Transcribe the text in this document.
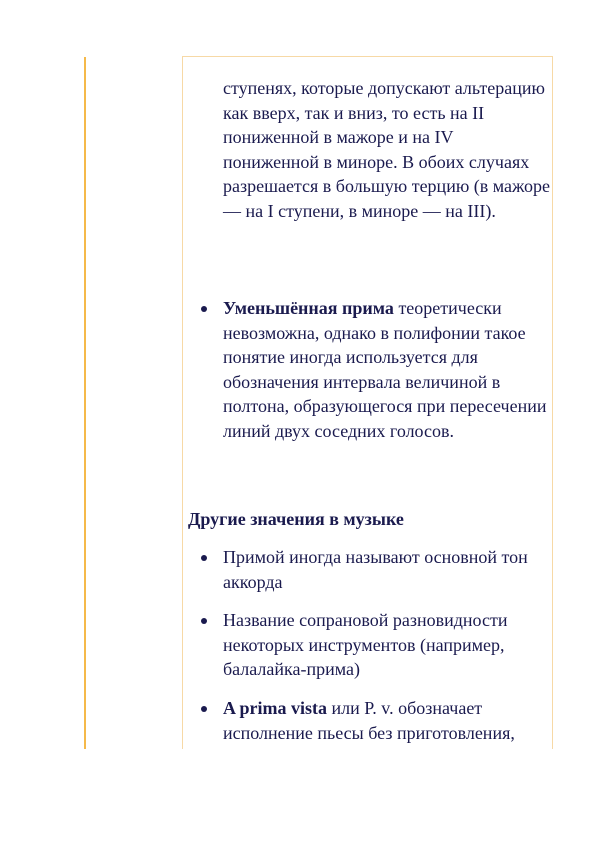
ступенях, которые допускают альтерацию как вверх, так и вниз, то есть на II пониженной в мажоре и на IV пониженной в миноре. В обоих случаях разрешается в большую терцию (в мажоре — на I ступени, в миноре — на III).

Уменьшённая прима теоретически невозможна, однако в полифонии такое понятие иногда используется для обозначения интервала величиной в полтона, образующегося при пересечении линий двух соседних голосов.
Другие значения в музыке
Примой иногда называют основной тон аккорда
Название сопрановой разновидности некоторых инструментов (например, балалайка-прима)
A prima vista или P. v. обозначает исполнение пьесы без приготовления,
